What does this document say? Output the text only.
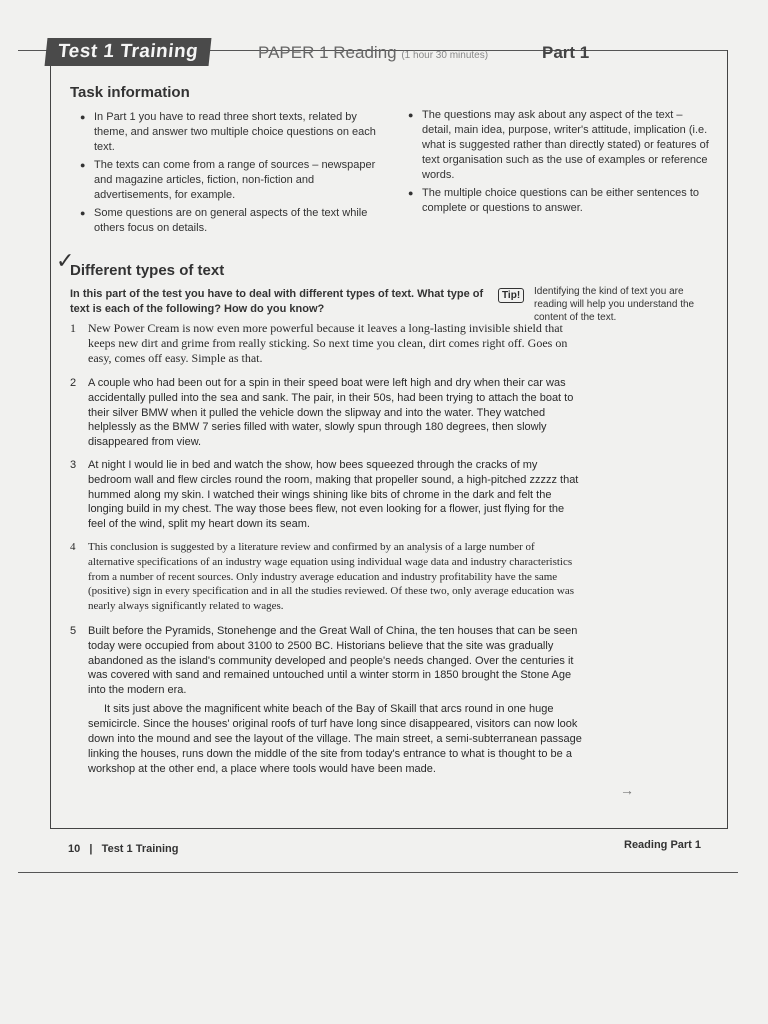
Test 1 Training	PAPER 1 Reading (1 hour 30 minutes)	Part 1
Task information
● In Part 1 you have to read three short texts, related by theme, and answer two multiple choice questions on each text.
● The texts can come from a range of sources – newspaper and magazine articles, fiction, non-fiction and advertisements, for example.
● Some questions are on general aspects of the text while others focus on details.
● The questions may ask about any aspect of the text – detail, main idea, purpose, writer's attitude, implication (i.e. what is suggested rather than directly stated) or features of text organisation such as the use of examples or reference words.
● The multiple choice questions can be either sentences to complete or questions to answer.
✓
Different types of text
In this part of the test you have to deal with different types of text. What type of text is each of the following? How do you know?
Tip!	Identifying the kind of text you are reading will help you understand the content of the text.
1 New Power Cream is now even more powerful because it leaves a long-lasting invisible shield that keeps new dirt and grime from really sticking. So next time you clean, dirt comes right off. Goes on easy, comes off easy. Simple as that.
2 A couple who had been out for a spin in their speed boat were left high and dry when their car was accidentally pulled into the sea and sank. The pair, in their 50s, had been trying to attach the boat to their silver BMW when it pulled the vehicle down the slipway and into the water. They watched helplessly as the BMW 7 series filled with water, slowly spun through 180 degrees, then slowly disappeared from view.
3 At night I would lie in bed and watch the show, how bees squeezed through the cracks of my bedroom wall and flew circles round the room, making that propeller sound, a high-pitched zzzzz that hummed along my skin. I watched their wings shining like bits of chrome in the dark and felt the longing build in my chest. The way those bees flew, not even looking for a flower, just flying for the feel of the wind, split my heart down its seam.
4 This conclusion is suggested by a literature review and confirmed by an analysis of a large number of alternative specifications of an industry wage equation using individual wage data and industry characteristics from a number of recent sources. Only industry average education and industry profitability have the same (positive) sign in every specification and in all the studies reviewed. Of these two, only average education was nearly always significantly related to wages.
5 Built before the Pyramids, Stonehenge and the Great Wall of China, the ten houses that can be seen today were occupied from about 3100 to 2500 BC. Historians believe that the site was gradually abandoned as the island's community developed and people's needs changed. Over the centuries it was covered with sand and remained untouched until a winter storm in 1850 brought the Stone Age into the modern era.
It sits just above the magnificent white beach of the Bay of Skaill that arcs round in one huge semicircle. Since the houses' original roofs of turf have long since disappeared, visitors can now look down into the mound and see the layout of the village. The main street, a semi-subterranean passage linking the houses, runs down the middle of the site from today's entrance to what is thought to be a workshop at the other end, a place where tools would have been made.
→
10 | Test 1 Training	Reading Part 1
